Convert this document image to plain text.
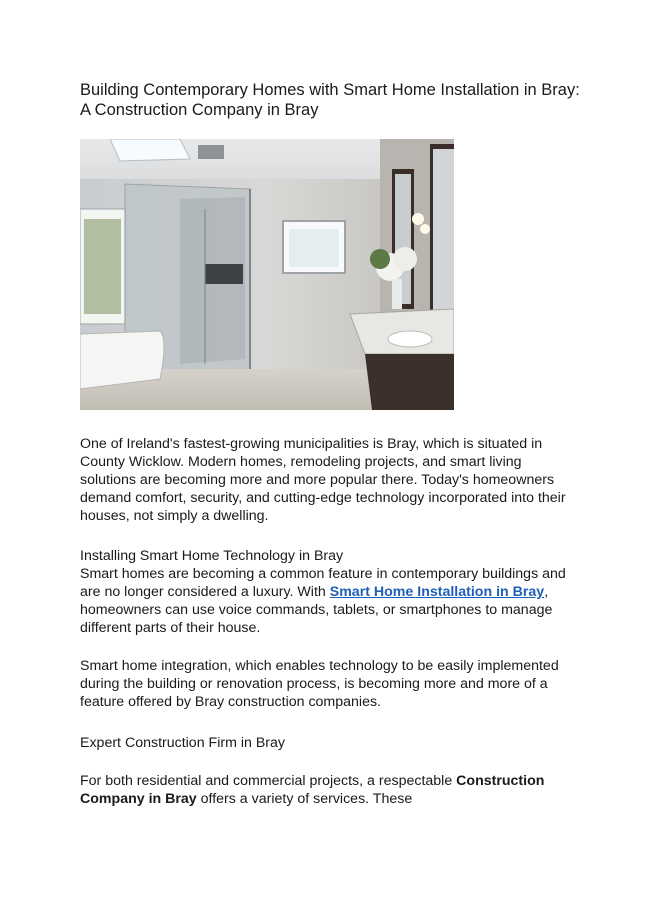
Building Contemporary Homes with Smart Home Installation in Bray: A Construction Company in Bray

One of Ireland's fastest-growing municipalities is Bray, which is situated in County Wicklow. Modern homes, remodeling projects, and smart living solutions are becoming more and more popular there. Today's homeowners demand comfort, security, and cutting-edge technology incorporated into their houses, not simply a dwelling.

Installing Smart Home Technology in Bray

Smart homes are becoming a common feature in contemporary buildings and are no longer considered a luxury. With Smart Home Installation in Bray, homeowners can use voice commands, tablets, or smartphones to manage different parts of their house.

Smart home integration, which enables technology to be easily implemented during the building or renovation process, is becoming more and more of a feature offered by Bray construction companies.

Expert Construction Firm in Bray

For both residential and commercial projects, a respectable Construction Company in Bray offers a variety of services. These
